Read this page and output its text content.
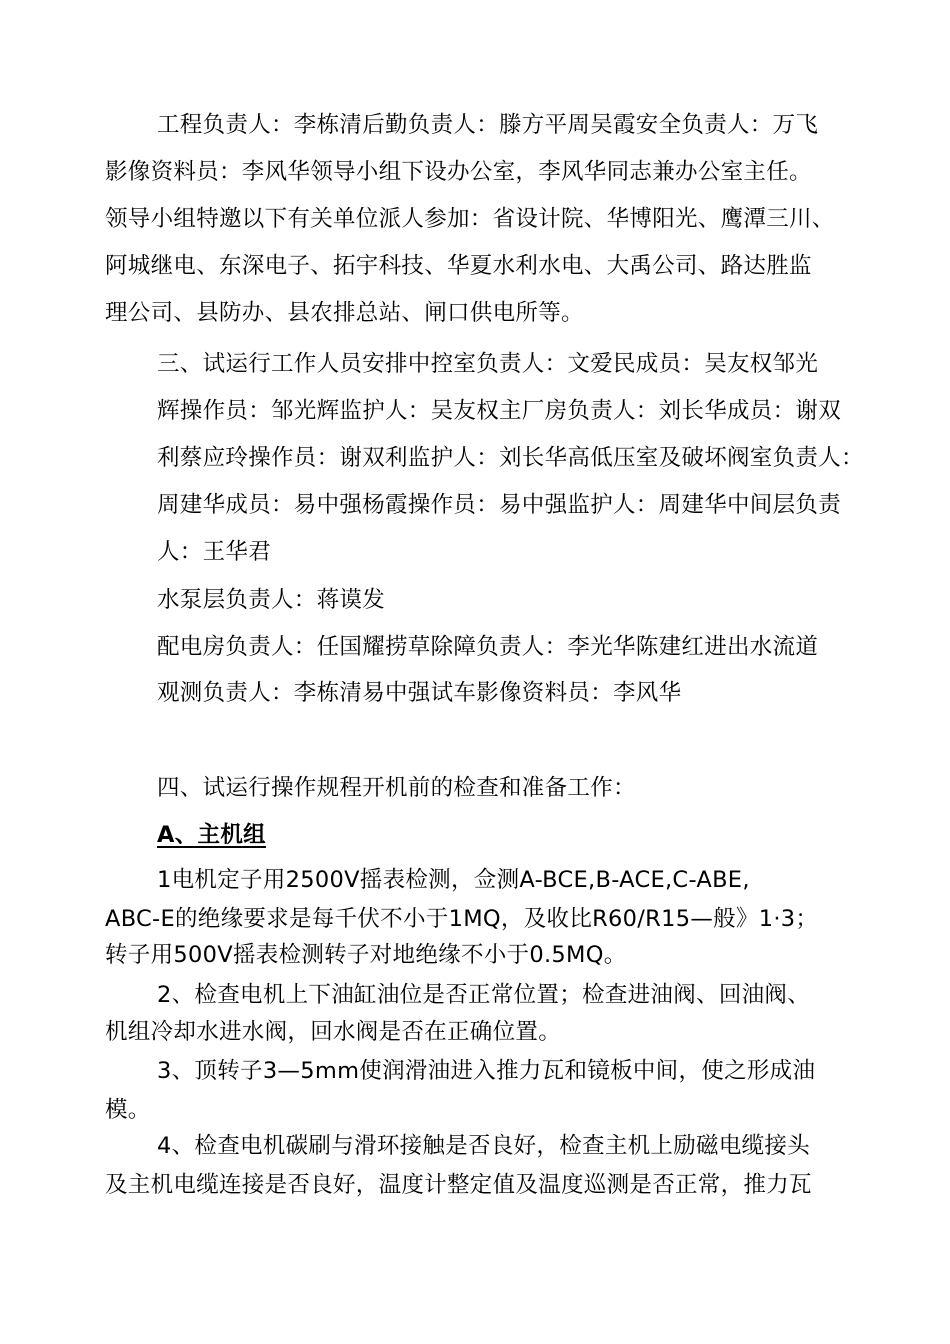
工程负责人：李栋清后勤负责人：滕方平周吴霞安全负责人：万飞
影像资料员：李风华领导小组下设办公室，李风华同志兼办公室主任。
领导小组特邀以下有关单位派人参加：省设计院、华博阳光、鹰潭三川、
阿城继电、东深电子、拓宇科技、华夏水利水电、大禹公司、路达胜监
理公司、县防办、县农排总站、闸口供电所等。
三、试运行工作人员安排中控室负责人：文爱民成员：吴友权邹光
辉操作员：邹光辉监护人：吴友权主厂房负责人：刘长华成员：谢双
利蔡应玲操作员：谢双利监护人：刘长华高低压室及破坏阀室负责人：
周建华成员：易中强杨霞操作员：易中强监护人：周建华中间层负责
人：王华君
水泵层负责人：蒋谟发
配电房负责人：任国耀捞草除障负责人：李光华陈建红进出水流道
观测负责人：李栋清易中强试车影像资料员：李风华
四、试运行操作规程开机前的检查和准备工作：
A、主机组
1电机定子用2500V摇表检测，佥测A-BCE,B-ACE,C-ABE,
ABC-E的绝缘要求是每千伏不小于1MQ，及收比R60/R15—般》1·3；
转子用500V摇表检测转子对地绝缘不小于0.5MQ。
2、检查电机上下油缸油位是否正常位置；检查进油阀、回油阀、
机组冷却水进水阀，回水阀是否在正确位置。
3、顶转子3—5mm使润滑油进入推力瓦和镜板中间，使之形成油
模。
4、检查电机碳刷与滑环接触是否良好，检查主机上励磁电缆接头
及主机电缆连接是否良好，温度计整定值及温度巡测是否正常，推力瓦
